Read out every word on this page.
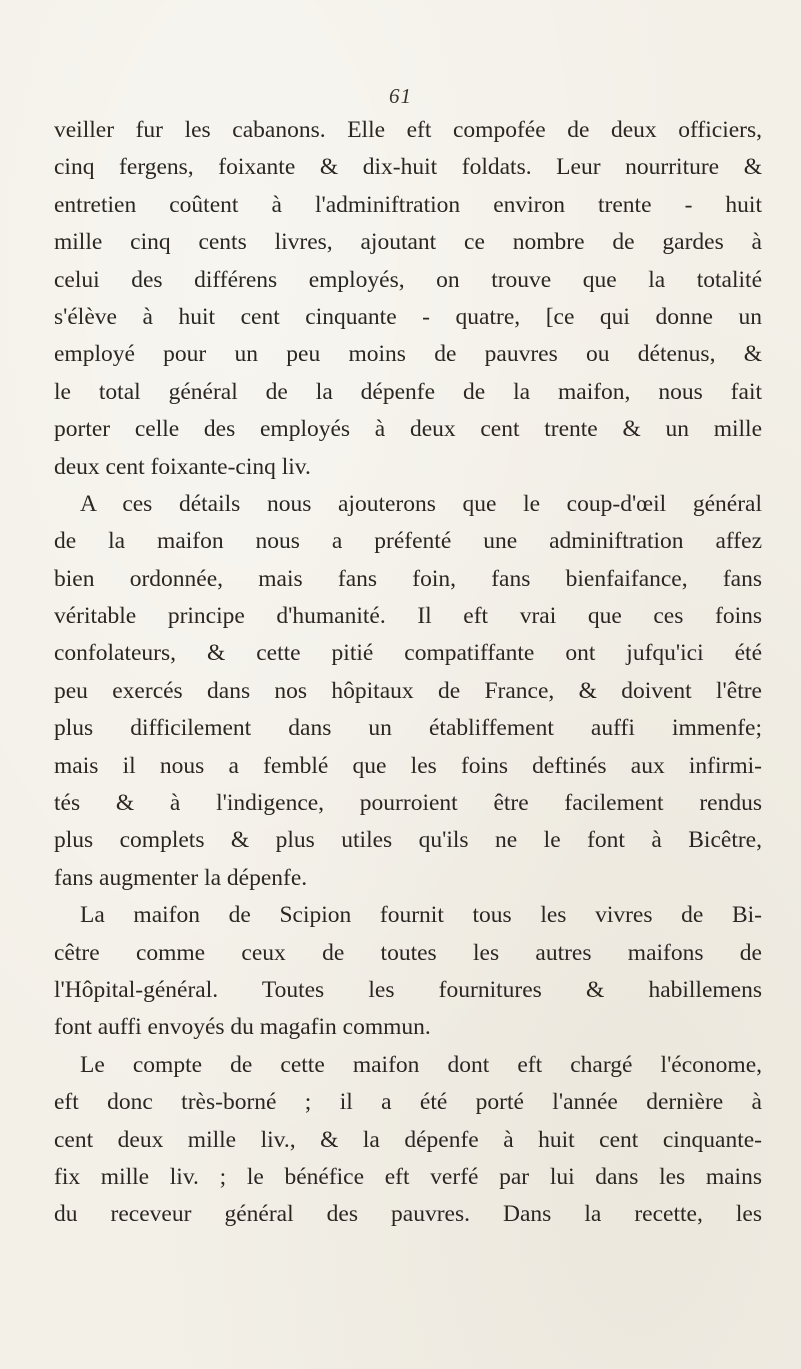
61
veiller fur les cabanons. Elle eft compofée de deux officiers,
cinq fergens, foixante & dix-huit foldats. Leur nourriture &
entretien coûtent à l'adminiftration environ trente - huit
mille cinq cents livres, ajoutant ce nombre de gardes à
celui des différens employés, on trouve que la totalité
s'élève à huit cent cinquante - quatre, [ce qui donne un
employé pour un peu moins de pauvres ou détenus, &
le total général de la dépenfe de la maifon, nous fait
porter celle des employés à deux cent trente & un mille
deux cent foixante-cinq liv.
A ces détails nous ajouterons que le coup-d'œil général
de la maifon nous a préfenté une adminiftration affez
bien ordonnée, mais fans foin, fans bienfaifance, fans
véritable principe d'humanité. Il eft vrai que ces foins
confolateurs, & cette pitié compatiffante ont jufqu'ici été
peu exercés dans nos hôpitaux de France, & doivent l'être
plus difficilement dans un établiffement auffi immenfe;
mais il nous a femblé que les foins deftinés aux infirmi-
tés & à l'indigence, pourroient être facilement rendus
plus complets & plus utiles qu'ils ne le font à Bicêtre,
fans augmenter la dépenfe.
La maifon de Scipion fournit tous les vivres de Bi-
cêtre comme ceux de toutes les autres maifons de
l'Hôpital-général. Toutes les fournitures & habillemens
font auffi envoyés du magafin commun.
Le compte de cette maifon dont eft chargé l'économe,
eft donc très-borné ; il a été porté l'année dernière à
cent deux mille liv., & la dépenfe à huit cent cinquante-
fix mille liv. ; le bénéfice eft verfé par lui dans les mains
du receveur général des pauvres. Dans la recette, les
